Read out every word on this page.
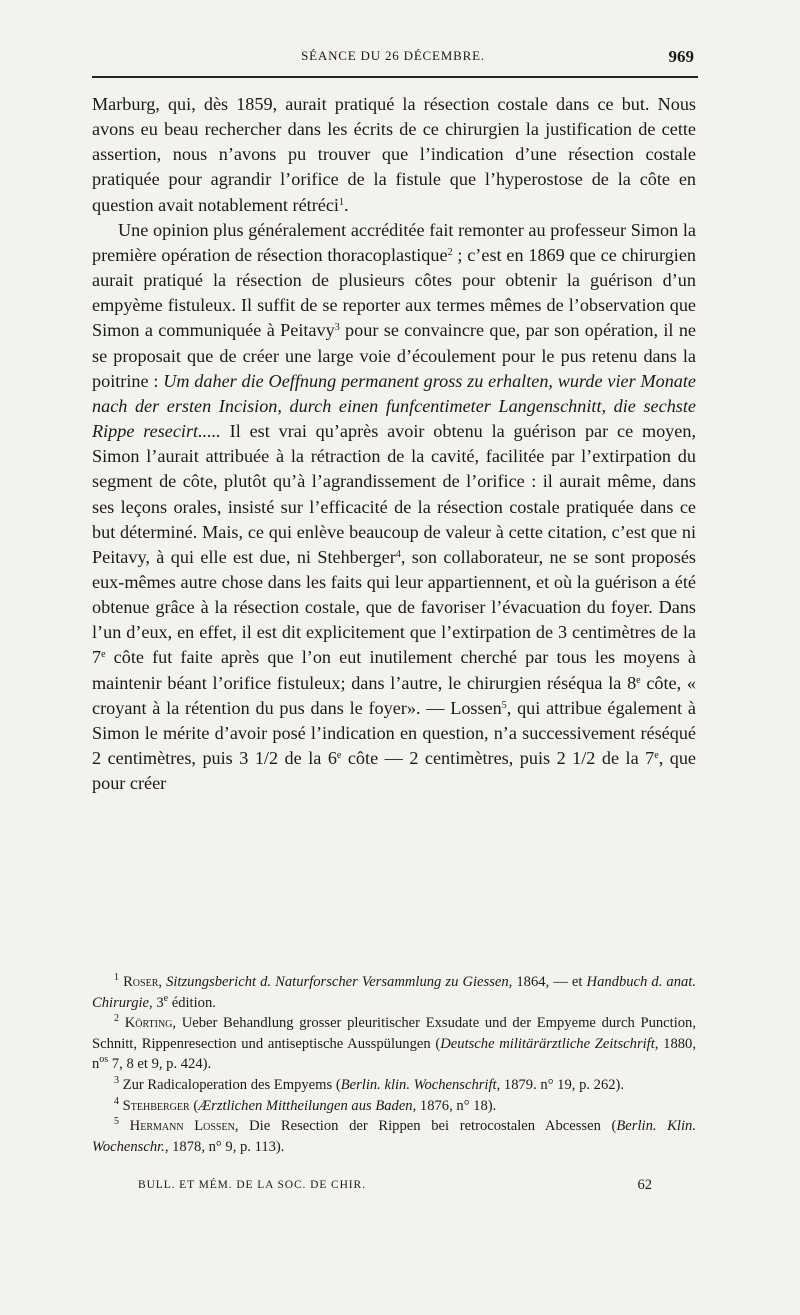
SÉANCE DU 26 DÉCEMBRE.	969

Marburg, qui, dès 1859, aurait pratiqué la résection costale dans ce but. Nous avons eu beau rechercher dans les écrits de ce chirurgien la justification de cette assertion, nous n’avons pu trouver que l’indication d’une résection costale pratiquée pour agrandir l’orifice de la fistule que l’hyperostose de la côte en question avait notablement rétréci$^1$.

Une opinion plus généralement accréditée fait remonter au professeur Simon la première opération de résection thoracoplastique$^2$ ; c’est en 1869 que ce chirurgien aurait pratiqué la résection de plusieurs côtes pour obtenir la guérison d’un empyème fistuleux. Il suffit de se reporter aux termes mêmes de l’observation que Simon a communiquée à Peitavy$^3$ pour se convaincre que, par son opération, il ne se proposait que de créer une large voie d’écoulement pour le pus retenu dans la poitrine : Um daher die Oeffnung permanent gross zu erhalten, wurde vier Monate nach der ersten Incision, durch einen funfcentimeter Langenschnitt, die sechste Rippe resecirt..... Il est vrai qu’après avoir obtenu la guérison par ce moyen, Simon l’aurait attribuée à la rétraction de la cavité, facilitée par l’extirpation du segment de côte, plutôt qu’à l’agrandissement de l’orifice : il aurait même, dans ses leçons orales, insisté sur l’efficacité de la résection costale pratiquée dans ce but déterminé. Mais, ce qui enlève beaucoup de valeur à cette citation, c’est que ni Peitavy, à qui elle est due, ni Stehberger$^4$, son collaborateur, ne se sont proposés eux-mêmes autre chose dans les faits qui leur appartiennent, et où la guérison a été obtenue grâce à la résection costale, que de favoriser l’évacuation du foyer. Dans l’un d’eux, en effet, il est dit explicitement que l’extirpation de 3 centimètres de la 7e côte fut faite après que l’on eut inutilement cherché par tous les moyens à maintenir béant l’orifice fistuleux; dans l’autre, le chirurgien réséqua la 8e côte, « croyant à la rétention du pus dans le foyer». — Lossen$^5$, qui attribue également à Simon le mérite d’avoir posé l’indication en question, n’a successivement réséqué 2 centimètres, puis 3 1/2 de la 6e côte — 2 centimètres, puis 2 1/2 de la 7e, que pour créer

$^1$ Roser, Sitzungsbericht d. Naturforscher Versammlung zu Giessen, 1864, — et Handbuch d. anat. Chirurgie, 3e édition.

$^2$ Körting, Ueber Behandlung grosser pleuritischer Exsudate und der Empyeme durch Punction, Schnitt, Rippenresection und antiseptische Ausspülungen (Deutsche militärärztliche Zeitschrift, 1880, $n^{os}$ 7, 8 et 9, p. 424).

$^3$ Zur Radicaloperation des Empyems (Berlin. klin. Wochenschrift, 1879. n° 19, p. 262).

$^4$ Stehberger (Ærztlichen Mittheilungen aus Baden, 1876, n° 18).

$^5$ Hermann Lossen, Die Resection der Rippen bei retrocostalen Abcessen (Berlin. Klin. Wochenschr., 1878, n° 9, p. 113).

BULL. ET MÉM. DE LA SOC. DE CHIR.	62
